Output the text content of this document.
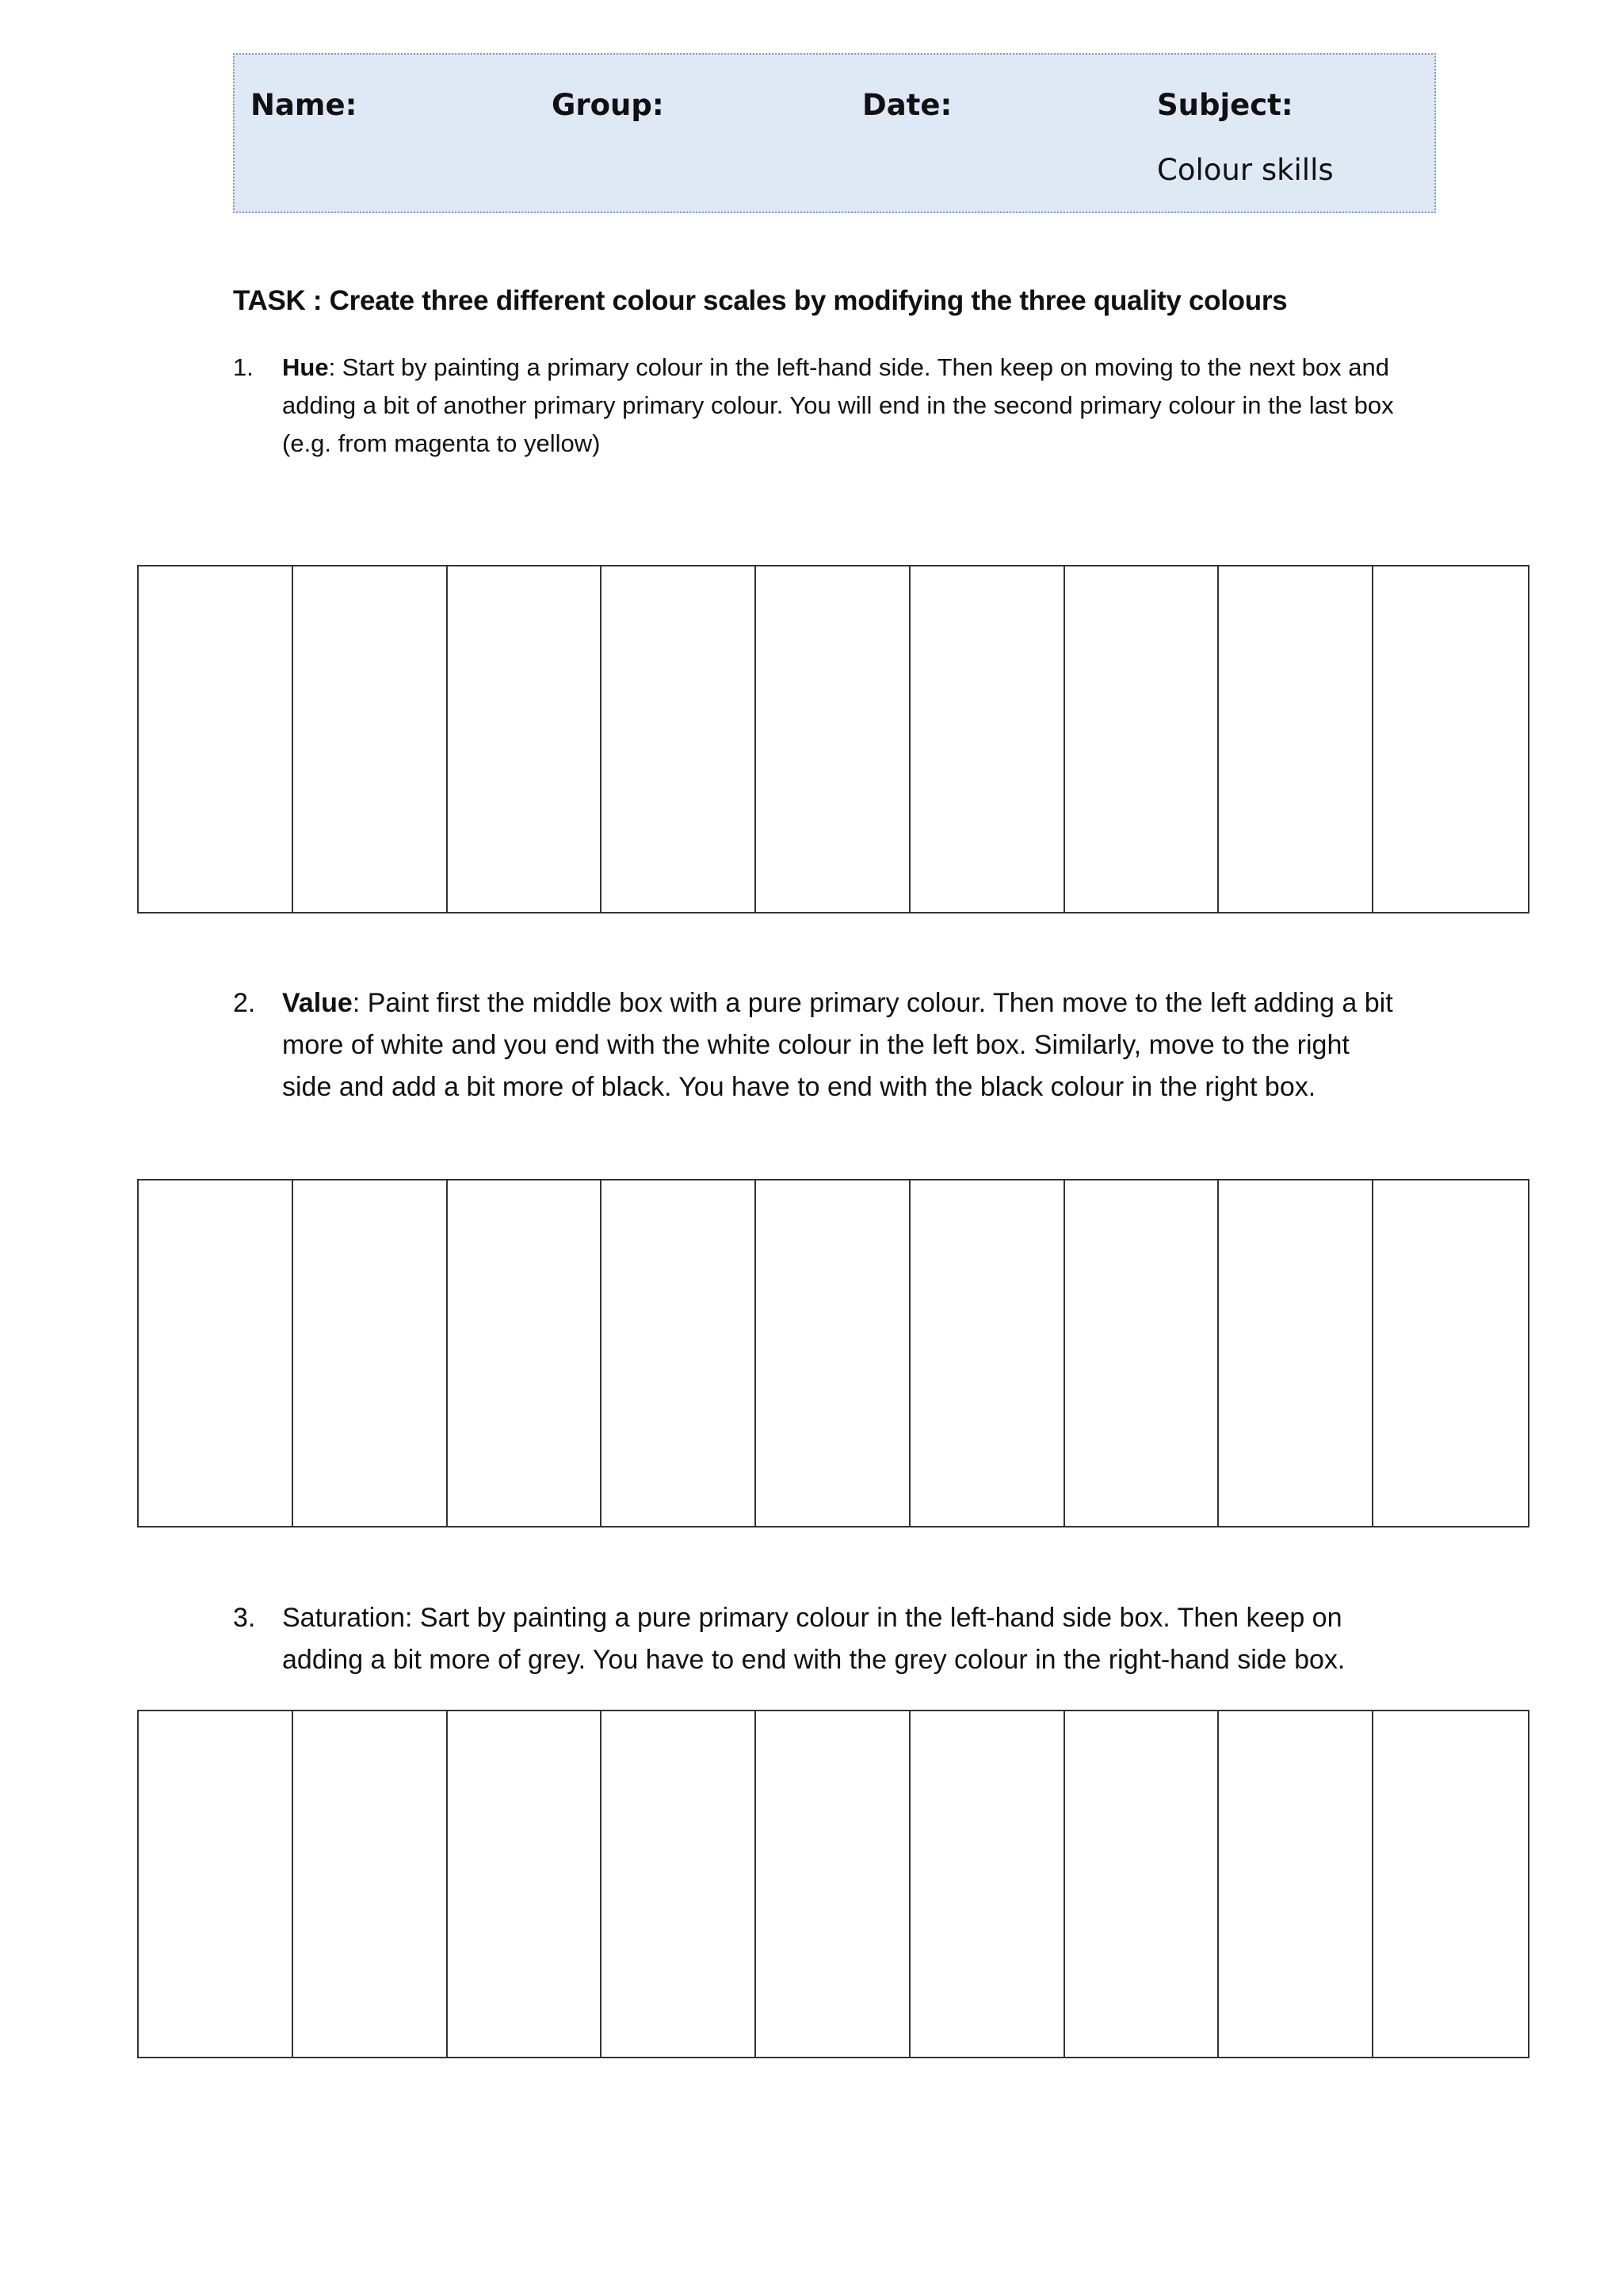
Name:	Group:	Date:	Subject:
Colour skills
TASK : Create three different colour scales by modifying the three quality colours
1. Hue: Start by painting a primary colour in the left-hand side. Then keep on moving to the next box and adding a bit of another primary primary colour. You will end in the second primary colour in the last box (e.g. from magenta to yellow)
2. Value: Paint first the middle box with a pure primary colour. Then move to the left adding a bit more of white and you end with the white colour in the left box. Similarly, move to the right side and add a bit more of black. You have to end with the black colour in the right box.
3. Saturation: Sart by painting a pure primary colour in the left-hand side box. Then keep on adding a bit more of grey. You have to end with the grey colour in the right-hand side box.
